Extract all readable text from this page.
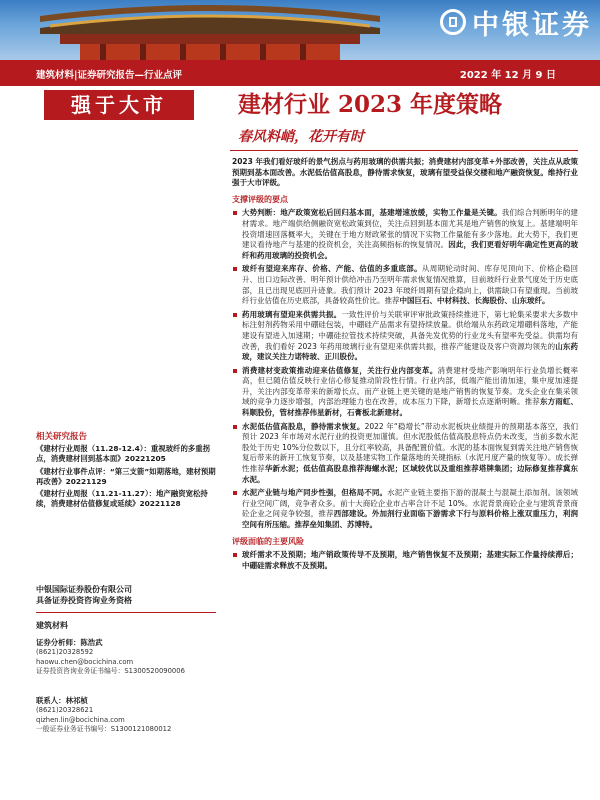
中银证券
建筑材料|证券研究报告—行业点评	2022 年 12 月 9 日
强于大市	建材行业 2023 年度策略
春风料峭，花开有时
相关研究报告
《建材行业周报（11.28-12.4）：重视玻纤的多重拐点，消费建材回到基本面》20221205
《建材行业事件点评：“第三支箭”如期落地，建材预期再改善》20221129
《建材行业周报（11.21-11.27）：地产融资宽松持续，消费建材估值修复或延续》20221128
中银国际证券股份有限公司
具备证券投资咨询业务资格
建筑材料
证券分析师：陈浩武
(8621)20328592
haowu.chen@bocichina.com
证券投资咨询业务证书编号：S1300520090006
联系人：林祁桢
(8621)20328621
qizhen.lin@bocichina.com
一般证券业务证书编号：S1300121080012
2023 年我们看好玻纤的景气拐点与药用玻璃的供需共振；消费建材内部变革+外部改善，关注点从政策预期到基本面改善。水泥低估值高股息，静待需求恢复，玻璃有望受益保交楼和地产融资恢复。维持行业强于大市评级。
支撑评级的要点
大势判断：地产政策宽松后回归基本面，基建增速放缓，实物工作量是关键。我们综合判断明年的建材需求。地产端供给侧融资宽松政策到位，关注点回到基本面尤其是地产销售的恢复上。基建端明年投资增速回落概率大，关键在于地方财政紧张的情况下实物工作量能有多少落地。此大势下，我们更建议看待地产与基建的投资机会，关注高频指标的恢复情况。因此，我们更看好明年确定性更高的玻纤和药用玻璃的投资机会。
玻纤有望迎来库存、价格、产能、估值的多重底部。从周期轮动时间、库存见顶向下、价格企稳回升、出口边际改善、明年预计供给冲击乃至明年需求恢复情况推算，目前玻纤行业景气度处于历史底部，且已出现见底回升迹象。我们预计 2023 年玻纤周期有望企稳向上，供需缺口有望重现。当前玻纤行业估值在历史底部，具备较高性价比。推荐中国巨石、中材科技、长海股份、山东玻纤。
药用玻璃有望迎来供需共振。一致性评价与关联审评审批政策持续推进下，第七轮集采要求大多数中标注射剂药物采用中硼硅包装，中硼硅产品需求有望持续放量。供给端从东药政定增硼料落地，产能建设有望进入加速期；中硼硅拉管技术持续突破，具备先发优势的行业龙头有望率先受益。供需均有改善，我们看好 2023 年药用玻璃行业有望迎来供需共振，推荐产能建设及客户资源均领先的山东药玻，建议关注力诺特玻、正川股份。
消费建材变政策推动迎来估值修复，关注行业内部变革。消费建材受地产影响明年行业负增长概率高，但已随估值反映行业信心修复推动阶段性行情。行业内部，低端产能出清加速，集中度加速提升，关注内部变革带来的新增长点。而产业链上更关键的是地产销售的恢复节奏。龙头企业在集采领域的竞争力逐步增强，内部治理能力也在改善，成本压力下降，新增长点逐渐明晰。推荐东方雨虹、科顺股份，管材推荐伟星新材，石膏板北新建材。
水泥低估值高股息，静待需求恢复。2022 年“稳增长”带动水泥板块业绩提升的预期基本落空，我们预计 2023 年市场对水泥行业的投资更加谨慎。但水泥股低估值高股息特点仍未改变，当前多数水泥股处于历史 10%分位数以下，且分红率较高，具备配置价值。水泥的基本面恢复到需关注地产销售恢复后带来的新开工恢复节奏，以及基建实物工作量落地的关键指标（水泥月度产量的恢复等）。成长弹性推荐华新水泥；低估值高股息推荐海螺水泥；区域较优以及重组推荐塔牌集团；边际修复推荐冀东水泥。
水泥产业链与地产同步性强，但格局不同。水泥产业链主要指下游的混凝土与混凝土添加剂。该领域行业空间广阔，竞争者众多。前十大商砼企业市占率合计不足 10%。水泥背景商砼企业与建筑背景商砼企业之间竞争较强，推荐西部建设。外加剂行业面临下游需求下行与原料价格上涨双重压力，利润空间有所压缩。推荐垒知集团、苏博特。
评级面临的主要风险
玻纤需求不及预期；地产销政策传导不及预期，地产销售恢复不及预期；基建实际工作量持续滞后；中硼硅需求释放不及预期。
